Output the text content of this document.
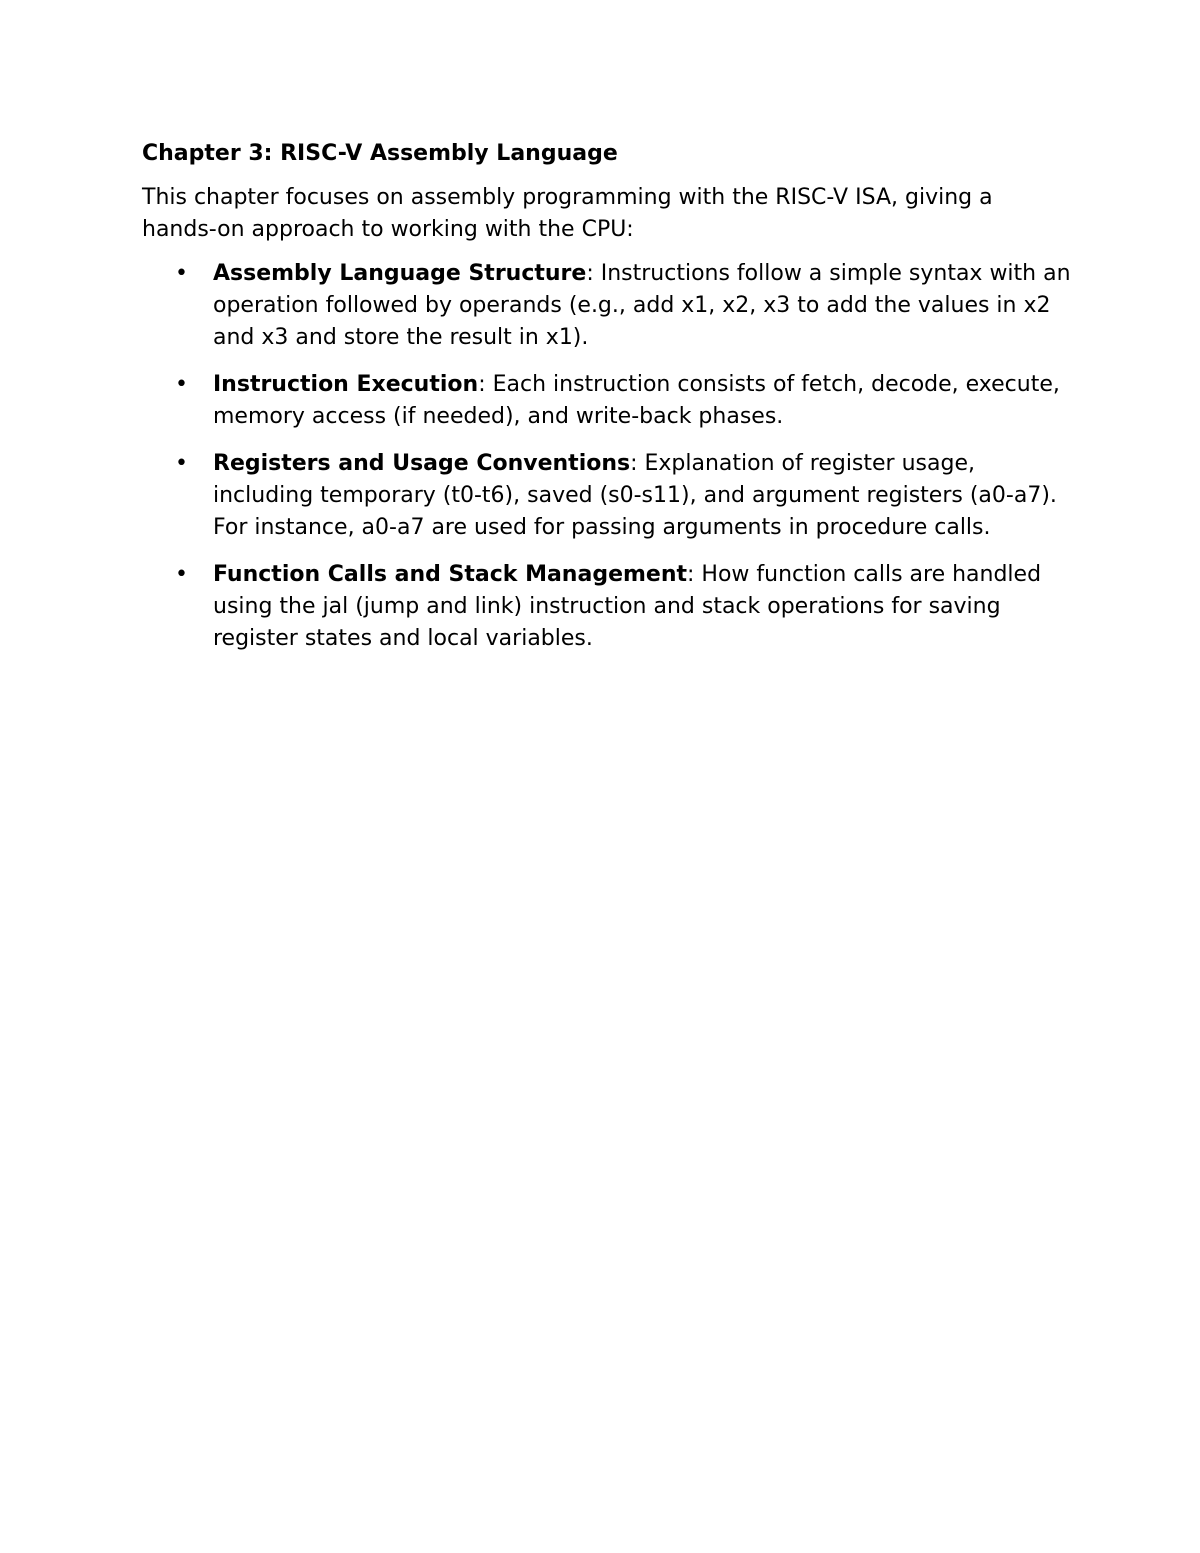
Chapter 3: RISC-V Assembly Language
This chapter focuses on assembly programming with the RISC-V ISA, giving a hands-on approach to working with the CPU:
• Assembly Language Structure: Instructions follow a simple syntax with an operation followed by operands (e.g., add x1, x2, x3 to add the values in x2 and x3 and store the result in x1).
• Instruction Execution: Each instruction consists of fetch, decode, execute, memory access (if needed), and write-back phases.
• Registers and Usage Conventions: Explanation of register usage, including temporary (t0-t6), saved (s0-s11), and argument registers (a0-a7). For instance, a0-a7 are used for passing arguments in procedure calls.
• Function Calls and Stack Management: How function calls are handled using the jal (jump and link) instruction and stack operations for saving register states and local variables.
